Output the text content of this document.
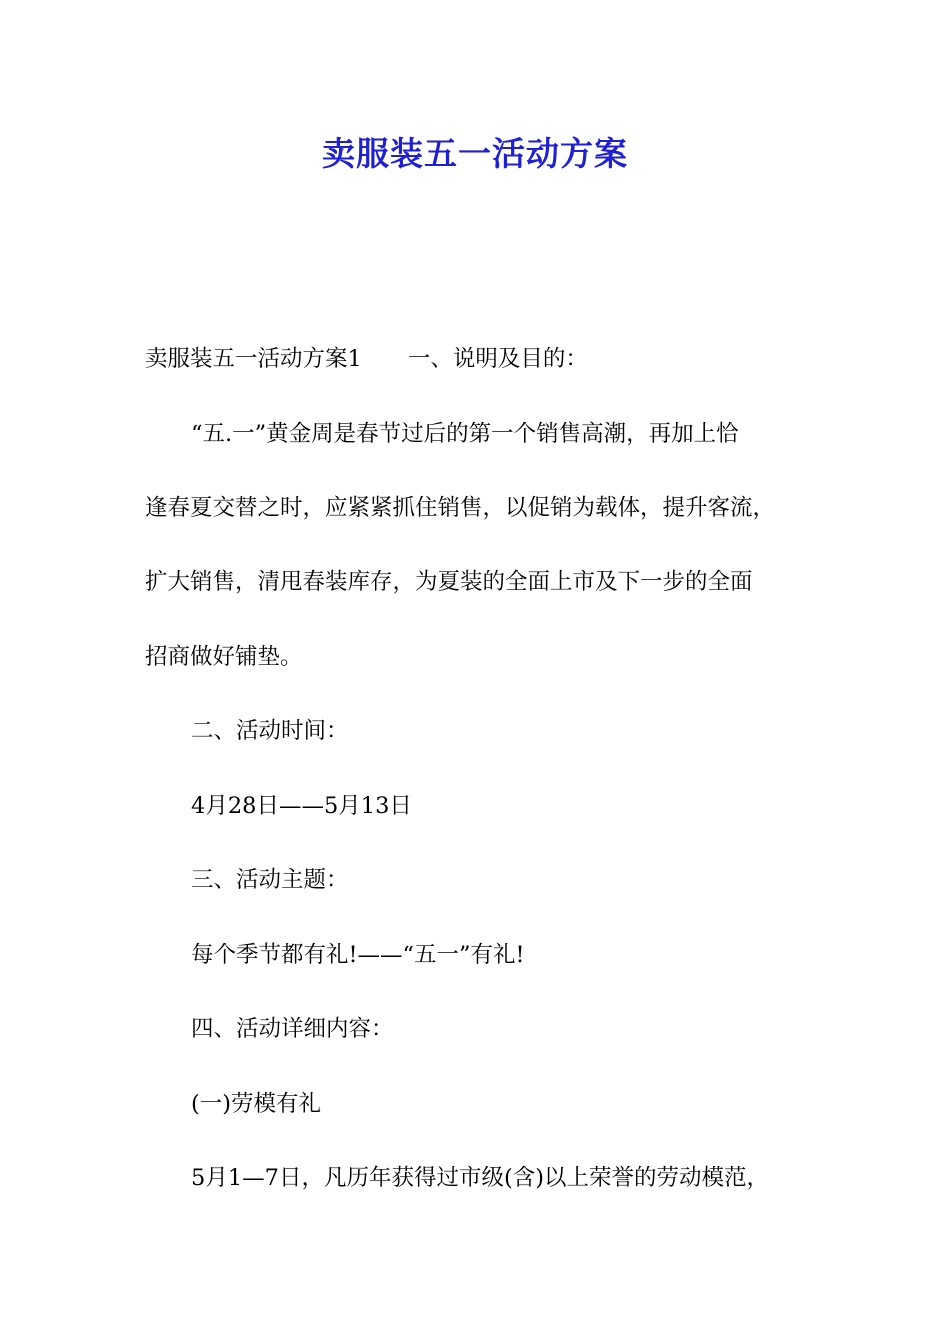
卖服装五一活动方案
卖服装五一活动方案1 一、说明及目的：
“五.一”黄金周是春节过后的第一个销售高潮，再加上恰
逢春夏交替之时，应紧紧抓住销售，以促销为载体，提升客流，
扩大销售，清甩春装库存，为夏装的全面上市及下一步的全面
招商做好铺垫。
二、活动时间：
4月28日——5月13日
三、活动主题：
每个季节都有礼!——“五一”有礼!
四、活动详细内容：
(一)劳模有礼
5月1—7日，凡历年获得过市级(含)以上荣誉的劳动模范，
